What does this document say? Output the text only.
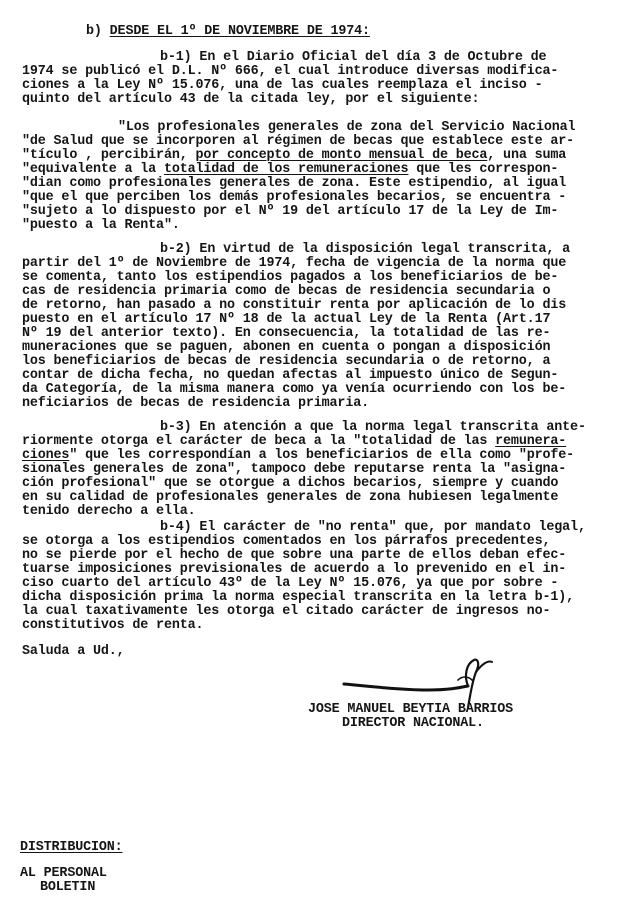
b) DESDE EL 1º DE NOVIEMBRE DE 1974:
b-1) En el Diario Oficial del día 3 de Octubre de
1974 se publicó el D.L. Nº 666, el cual introduce diversas modifica-
ciones a la Ley Nº 15.076, una de las cuales reemplaza el inciso -
quinto del artículo 43 de la citada ley, por el siguiente:
"Los profesionales generales de zona del Servicio Nacional
"de Salud que se incorporen al régimen de becas que establece este ar-
"tículo , percibirán, por concepto de monto mensual de beca, una suma
"equivalente a la totalidad de los remuneraciones que les correspon-
"dian como profesionales generales de zona. Este estipendio, al igual
"que el que perciben los demás profesionales becarios, se encuentra -
"sujeto a lo dispuesto por el Nº 19 del artículo 17 de la Ley de Im-
"puesto a la Renta".
b-2) En virtud de la disposición legal transcrita, a
partir del 1º de Noviembre de 1974, fecha de vigencia de la norma que
se comenta, tanto los estipendios pagados a los beneficiarios de be-
cas de residencia primaria como de becas de residencia secundaria o
de retorno, han pasado a no constituir renta por aplicación de lo dis
puesto en el artículo 17 Nº 18 de la actual Ley de la Renta (Art.17
Nº 19 del anterior texto). En consecuencia, la totalidad de las re-
muneraciones que se paguen, abonen en cuenta o pongan a disposición
los beneficiarios de becas de residencia secundaria o de retorno, a
contar de dicha fecha, no quedan afectas al impuesto único de Segun-
da Categoría, de la misma manera como ya venía ocurriendo con los be-
neficiarios de becas de residencia primaria.
b-3) En atención a que la norma legal transcrita ante-
riormente otorga el carácter de beca a la "totalidad de las remunera-
ciones" que les correspondían a los beneficiarios de ella como "profe-
sionales generales de zona", tampoco debe reputarse renta la "asigna-
ción profesional" que se otorgue a dichos becarios, siempre y cuando
en su calidad de profesionales generales de zona hubiesen legalmente
tenido derecho a ella.
b-4) El carácter de "no renta" que, por mandato legal,
se otorga a los estipendios comentados en los párrafos precedentes,
no se pierde por el hecho de que sobre una parte de ellos deban efec-
tuarse imposiciones previsionales de acuerdo a lo prevenido en el in-
ciso cuarto del artículo 43º de la Ley Nº 15.076, ya que por sobre -
dicha disposición prima la norma especial transcrita en la letra b-1),
la cual taxativamente les otorga el citado carácter de ingresos no-
constitutivos de renta.
Saluda a Ud.,
JOSE MANUEL BEYTIA BARRIOS
DIRECTOR NACIONAL.
DISTRIBUCION:
AL PERSONAL
BOLETIN
